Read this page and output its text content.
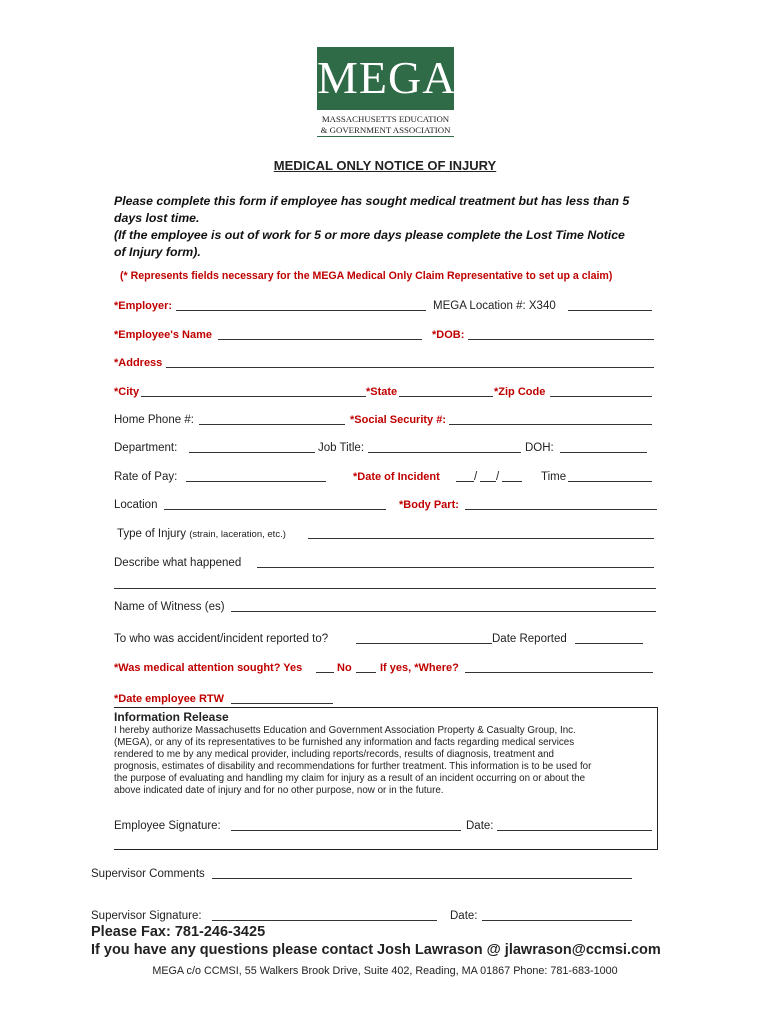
MEGA
MASSACHUSETTS EDUCATION
& GOVERNMENT ASSOCIATION
MEDICAL ONLY NOTICE OF INJURY
Please complete this form if employee has sought medical treatment but has less than 5
days lost time.
(If the employee is out of work for 5 or more days please complete the Lost Time Notice
of Injury form).
(* Represents fields necessary for the MEGA Medical Only Claim Representative to set up a claim)
*Employer:	MEGA Location #: X340
*Employee's Name	*DOB:
*Address
*City	*State	*Zip Code
Home Phone #:	*Social Security #:
Department:	Job Title:	DOH:
Rate of Pay:	*Date of Incident	/ /	Time
Location	*Body Part:
Type of Injury (strain, laceration, etc.)
Describe what happened
Name of Witness (es)
To who was accident/incident reported to?	Date Reported
*Was medical attention sought? Yes	No	If yes, *Where?
*Date employee RTW
Information Release
I hereby authorize Massachusetts Education and Government Association Property & Casualty Group, Inc.
(MEGA), or any of its representatives to be furnished any information and facts regarding medical services
rendered to me by any medical provider, including reports/records, results of diagnosis, treatment and
prognosis, estimates of disability and recommendations for further treatment. This information is to be used for
the purpose of evaluating and handling my claim for injury as a result of an incident occurring on or about the
above indicated date of injury and for no other purpose, now or in the future.
Employee Signature:	Date:
Supervisor Comments
Supervisor Signature:	Date:
Please Fax: 781-246-3425
If you have any questions please contact Josh Lawrason @ jlawrason@ccmsi.com
MEGA c/o CCMSI, 55 Walkers Brook Drive, Suite 402, Reading, MA 01867 Phone: 781-683-1000
